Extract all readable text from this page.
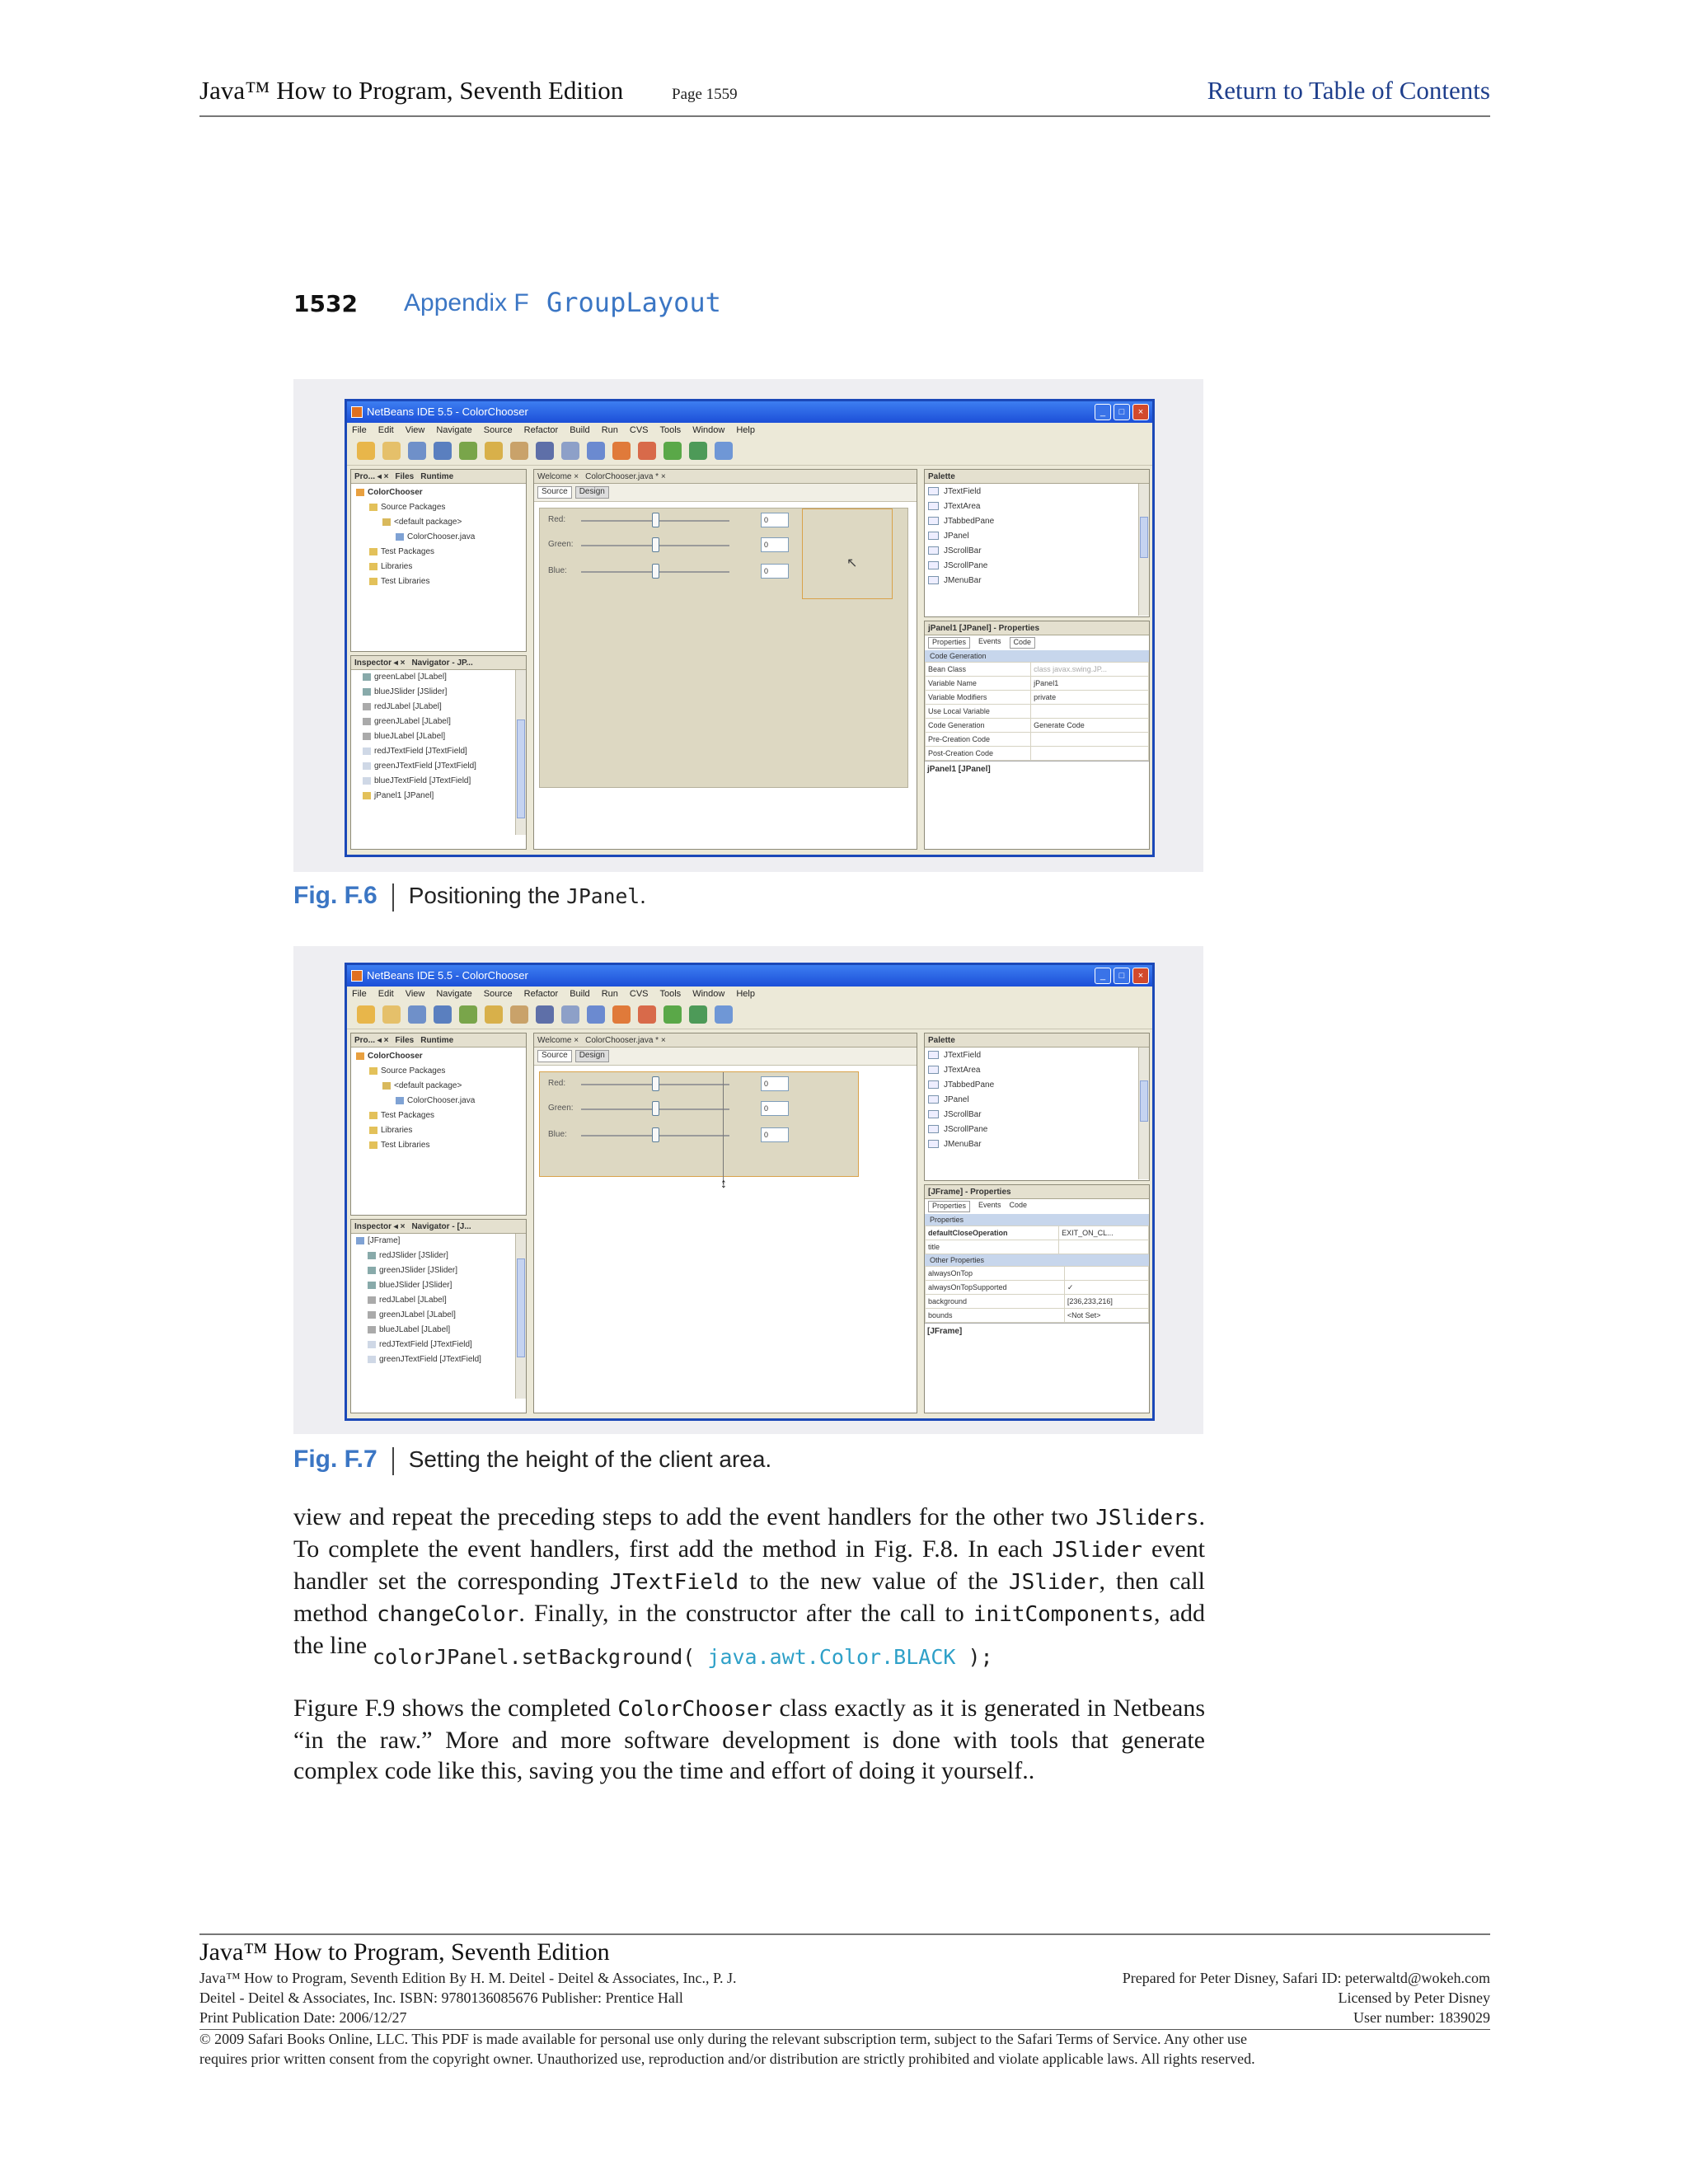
Java™ How to Program, Seventh Edition	Page 1559	Return to Table of Contents
1532 Appendix F GroupLayout
NetBeans IDE 5.5 - ColorChooser	_	□	×
File Edit View Navigate Source Refactor Build Run CVS Tools Window Help
Pro... ◂ × Files Runtime
ColorChooser
Source Packages
<default package>
ColorChooser.java
Test Packages
Libraries
Test Libraries
Inspector ◂ × Navigator - JP...
greenLabel [JLabel]
blueJSlider [JSlider]
redJLabel [JLabel]
greenJLabel [JLabel]
blueJLabel [JLabel]
redJTextField [JTextField]
greenJTextField [JTextField]
blueJTextField [JTextField]
jPanel1 [JPanel]
Welcome × ColorChooser.java * ×
Source	Design
Red:
Green:
Blue:
0
0
0
↖
Palette
JTextField
JTextArea
JTabbedPane
JPanel
JScrollBar
JScrollPane
JMenuBar
jPanel1 [JPanel] - Properties
Properties	Events	Code
Code Generation
Bean Class	class javax.swing.JP...
Variable Name	jPanel1
Variable Modifiers	private
Use Local Variable	
Code Generation	Generate Code
Pre-Creation Code	
Post-Creation Code	
jPanel1 [JPanel]
Fig. F.6 Positioning the JPanel.
NetBeans IDE 5.5 - ColorChooser	_	□	×
File Edit View Navigate Source Refactor Build Run CVS Tools Window Help
Pro... ◂ × Files Runtime
ColorChooser
Source Packages
<default package>
ColorChooser.java
Test Packages
Libraries
Test Libraries
Inspector ◂ × Navigator - [J...
[JFrame]
redJSlider [JSlider]
greenJSlider [JSlider]
blueJSlider [JSlider]
redJLabel [JLabel]
greenJLabel [JLabel]
blueJLabel [JLabel]
redJTextField [JTextField]
greenJTextField [JTextField]
Welcome × ColorChooser.java * ×
Source	Design
Red:
Green:
Blue:
0
0
0
↕
Palette
JTextField
JTextArea
JTabbedPane
JPanel
JScrollBar
JScrollPane
JMenuBar
[JFrame] - Properties
Properties	Events Code
Properties
defaultCloseOperation	EXIT_ON_CL...
title	
Other Properties
alwaysOnTop	
alwaysOnTopSupported	✓
background	[236,233,216]
bounds	<Not Set>
[JFrame]
Fig. F.7 Setting the height of the client area.

view and repeat the preceding steps to add the event handlers for the other two JSliders. To complete the event handlers, first add the method in Fig. F.8. In each JSlider event handler set the corresponding JTextField to the new value of the JSlider, then call method changeColor. Finally, in the constructor after the call to initComponents, add the line colorJPanel.setBackground( java.awt.Color.BLACK );

Figure F.9 shows the completed ColorChooser class exactly as it is generated in Netbeans “in the raw.” More and more software development is done with tools that generate complex code like this, saving you the time and effort of doing it yourself..

Java™ How to Program, Seventh Edition
Java™ How to Program, Seventh Edition By H. M. Deitel - Deitel & Associates, Inc., P. J.
Deitel - Deitel & Associates, Inc. ISBN: 9780136085676 Publisher: Prentice Hall
Print Publication Date: 2006/12/27
Prepared for Peter Disney, Safari ID: peterwaltd@wokeh.com
Licensed by Peter Disney
User number: 1839029
© 2009 Safari Books Online, LLC. This PDF is made available for personal use only during the relevant subscription term, subject to the Safari Terms of Service. Any other use
requires prior written consent from the copyright owner. Unauthorized use, reproduction and/or distribution are strictly prohibited and violate applicable laws. All rights reserved.
